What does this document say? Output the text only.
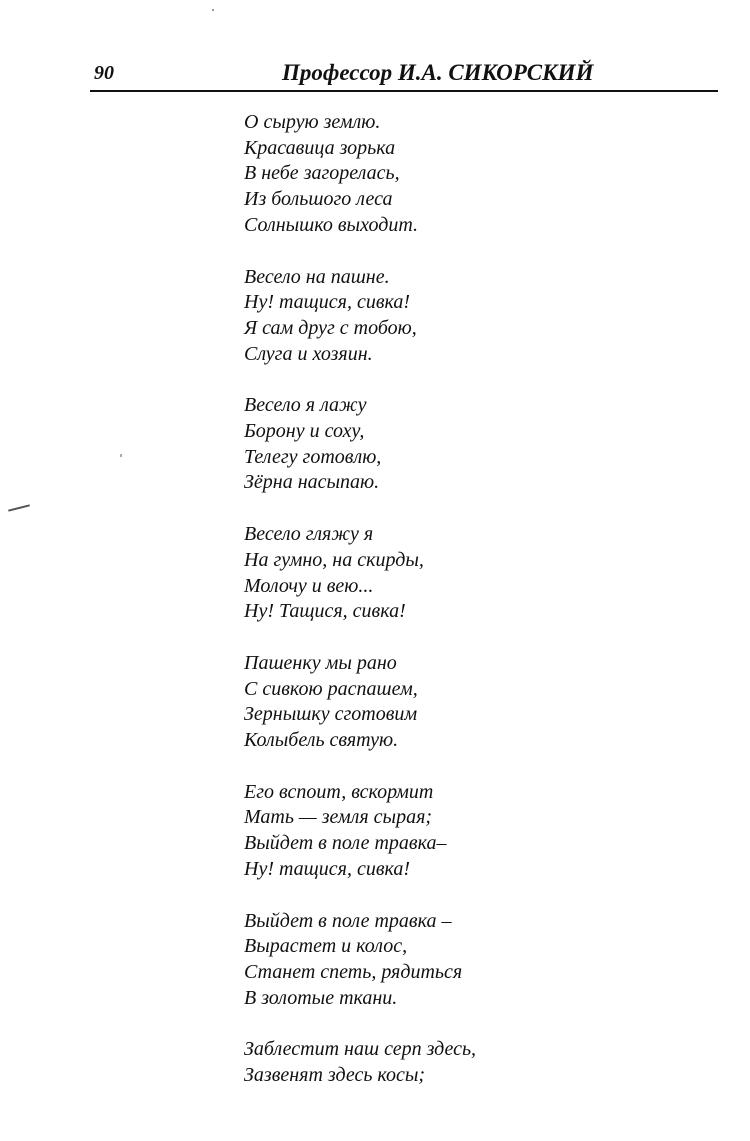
90	Профессор И.А. СИКОРСКИЙ
О сырую землю.
Красавица зорька
В небе загорелась,
Из большого леса
Солнышко выходит.
Весело на пашне.
Ну! тащися, сивка!
Я сам друг с тобою,
Слуга и хозяин.
Весело я лажу
Борону и соху,
Телегу готовлю,
Зёрна насыпаю.
Весело гляжу я
На гумно, на скирды,
Молочу и вею...
Ну! Тащися, сивка!
Пашенку мы рано
С сивкою распашем,
Зернышку сготовим
Колыбель святую.
Его вспоит, вскормит
Мать — земля сырая;
Выйдет в поле травка–
Ну! тащися, сивка!
Выйдет в поле травка –
Вырастет и колос,
Станет спеть, рядиться
В золотые ткани.
Заблестит наш серп здесь,
Зазвенят здесь косы;
